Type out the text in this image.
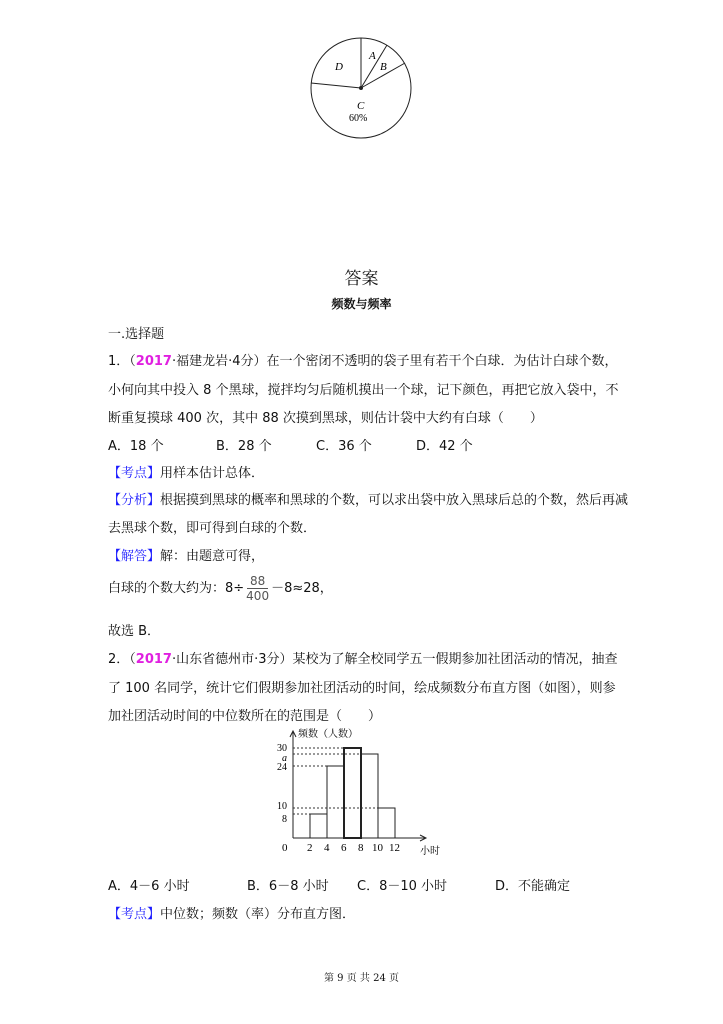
A
B
D
C
60%
答案
频数与频率
一.选择题
1．（2017·福建龙岩·4分）在一个密闭不透明的袋子里有若干个白球．为估计白球个数，
小何向其中投入 8 个黑球，搅拌均匀后随机摸出一个球，记下颜色，再把它放入袋中，不
断重复摸球 400 次，其中 88 次摸到黑球，则估计袋中大约有白球（　　）
A．18 个	B．28 个	C．36 个	D．42 个
【考点】用样本估计总体．
【分析】根据摸到黑球的概率和黑球的个数，可以求出袋中放入黑球后总的个数，然后再减
去黑球个数，即可得到白球的个数．
【解答】解：由题意可得，
白球的个数大约为：$8\div \frac{88}{400} -8\approx 28$，
故选 B．
2．（2017·山东省德州市·3分）某校为了解全校同学五一假期参加社团活动的情况，抽查
了 100 名同学，统计它们假期参加社团活动的时间，绘成频数分布直方图（如图），则参
加社团活动时间的中位数所在的范围是（　　）
频数（人数）
小时
0 2 4 6 8 10 12
8
10
24
a
30
A．4－6 小时	B．6－8 小时 C．8－10 小时	D．不能确定
【考点】中位数；频数（率）分布直方图．
第 9 页 共 24 页
